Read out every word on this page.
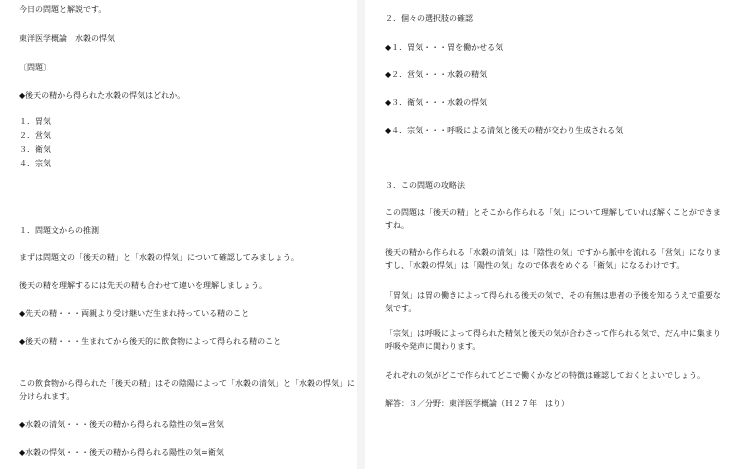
今日の問題と解説です。
東洋医学概論　水穀の悍気
〔問題〕
◆後天の精から得られた水穀の悍気はどれか。
１．胃気
２．営気
３．衛気
４．宗気
１．問題文からの推測
まずは問題文の「後天の精」と「水穀の悍気」について確認してみましょう。
後天の精を理解するには先天の精も合わせて違いを理解しましょう。
◆先天の精・・・両親より受け継いだ生まれ持っている精のこと
◆後天の精・・・生まれてから後天的に飲食物によって得られる精のこと
この飲食物から得られた「後天の精」はその陰陽によって「水穀の清気」と「水穀の悍気」に分けられます。
◆水穀の清気・・・後天の精から得られる陰性の気=営気
◆水穀の悍気・・・後天の精から得られる陽性の気=衛気
２．個々の選択肢の確認
◆１．胃気・・・胃を働かせる気
◆２．営気・・・水穀の精気
◆３．衛気・・・水穀の悍気
◆４．宗気・・・呼吸による清気と後天の精が交わり生成される気
３．この問題の攻略法
この問題は「後天の精」とそこから作られる「気」について理解していれば解くことができますね。
後天の精から作られる「水穀の清気」は「陰性の気」ですから脈中を流れる「営気」になりますし、「水穀の悍気」は「陽性の気」なので体表をめぐる「衛気」になるわけです。
「胃気」は胃の働きによって得られる後天の気で、その有無は患者の予後を知るうえで重要な気です。
「宗気」は呼吸によって得られた精気と後天の気が合わさって作られる気で、だん中に集まり呼吸や発声に関わります。
それぞれの気がどこで作られてどこで働くかなどの特徴は確認しておくとよいでしょう。
解答：３／分野：東洋医学概論（Ｈ２７年　はり）
